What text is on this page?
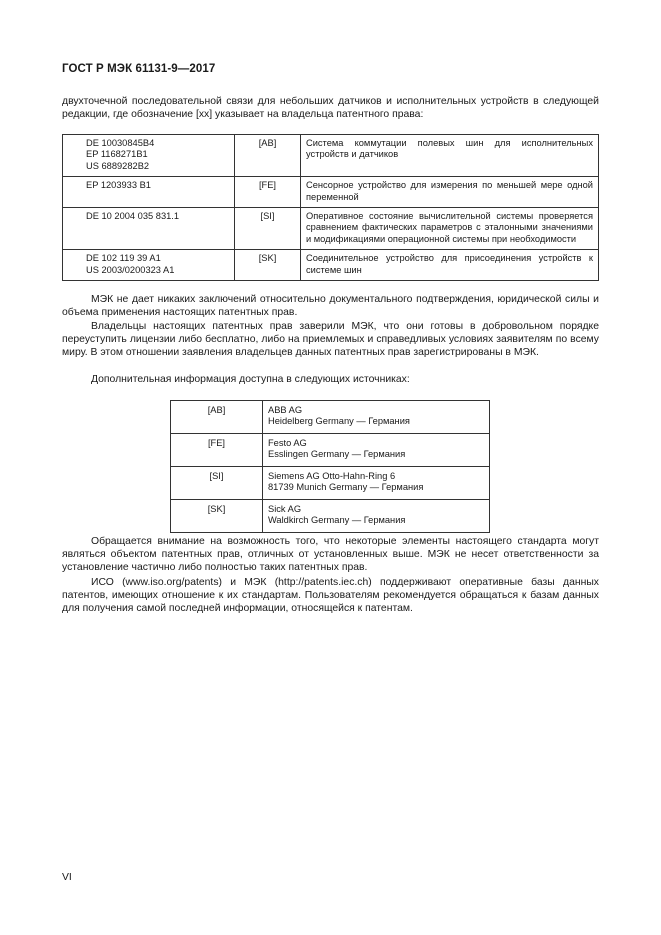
ГОСТ Р МЭК 61131-9—2017

двухточечной последовательной связи для небольших датчиков и исполнительных устройств в следующей редакции, где обозначение [xx] указывает на владельца патентного права:

DE 10030845B4
EP 1168271B1
US 6889282B2	[AB]	Система коммутации полевых шин для исполнительных устройств и датчиков

EP 1203933 B1	[FE]	Сенсорное устройство для измерения по меньшей мере одной переменной

DE 10 2004 035 831.1	[SI]	Оперативное состояние вычислительной системы проверяется сравнением фактических параметров с эталонными значениями и модификациями операционной системы при необходимости

DE 102 119 39 A1
US 2003/0200323 A1	[SK]	Соединительное устройство для присоединения устройств к системе шин

МЭК не дает никаких заключений относительно документального подтверждения, юридической силы и объема применения настоящих патентных прав.

Владельцы настоящих патентных прав заверили МЭК, что они готовы в добровольном порядке переуступить лицензии либо бесплатно, либо на приемлемых и справедливых условиях заявителям по всему миру. В этом отношении заявления владельцев данных патентных прав зарегистрированы в МЭК.

Дополнительная информация доступна в следующих источниках:

[AB]	ABB AG
Heidelberg Germany — Германия

[FE]	Festo AG
Esslingen Germany — Германия

[SI]	Siemens AG Otto-Hahn-Ring 6
81739 Munich Germany — Германия

[SK]	Sick AG
Waldkirch Germany — Германия

Обращается внимание на возможность того, что некоторые элементы настоящего стандарта могут являться объектом патентных прав, отличных от установленных выше. МЭК не несет ответственности за установление частично либо полностью таких патентных прав.

ИСО (www.iso.org/patents) и МЭК (http://patents.iec.ch) поддерживают оперативные базы данных патентов, имеющих отношение к их стандартам. Пользователям рекомендуется обращаться к базам данных для получения самой последней информации, относящейся к патентам.

VI
